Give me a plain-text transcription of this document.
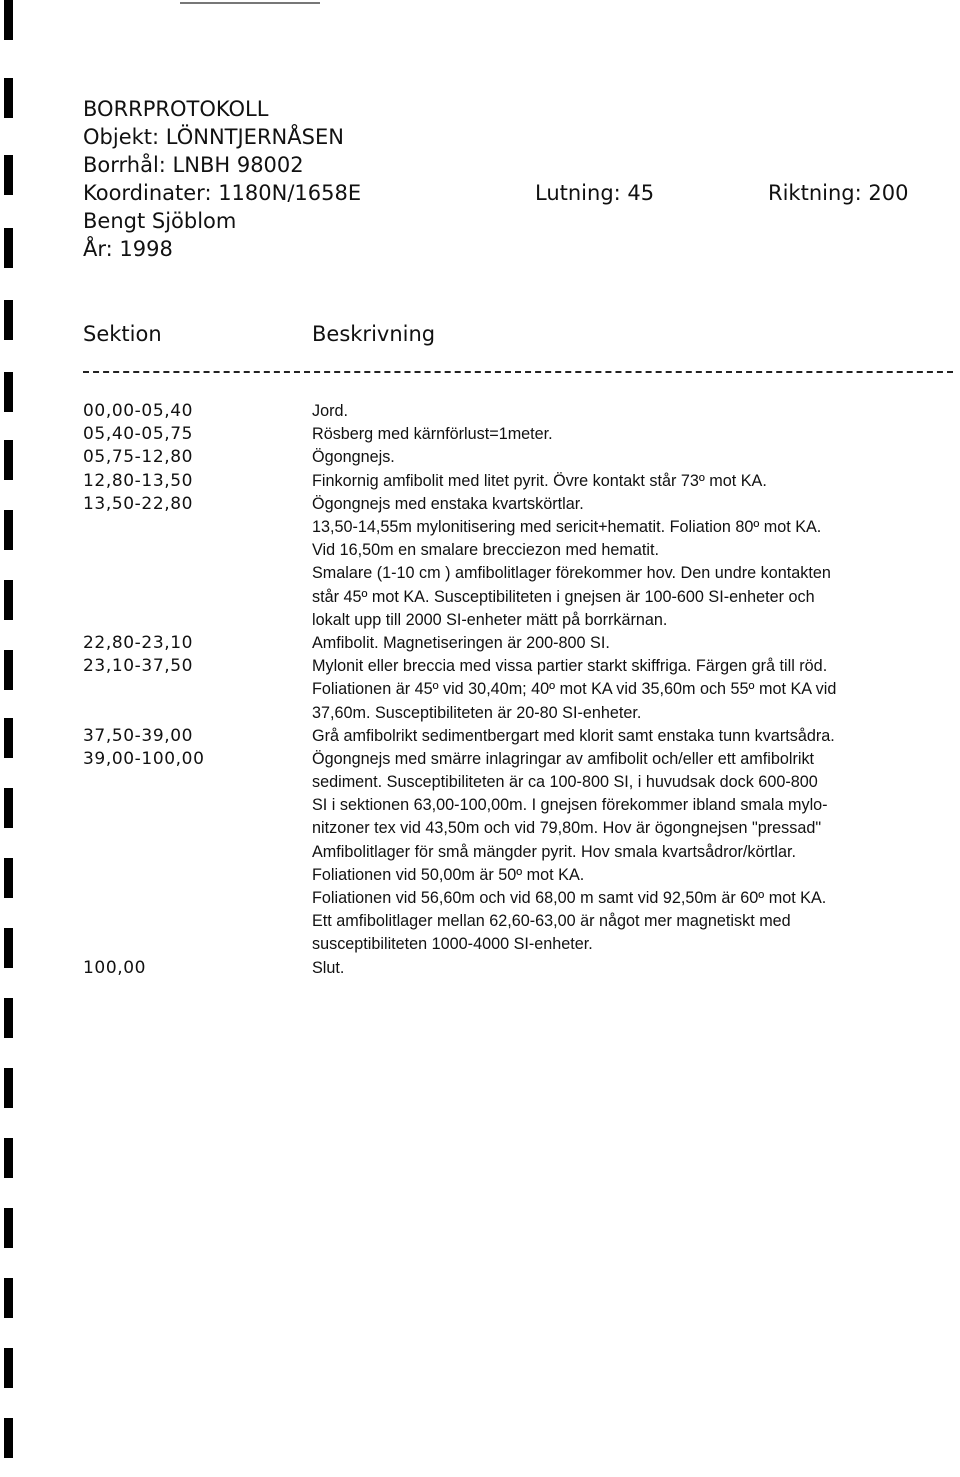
BORRPROTOKOLL
Objekt: LÖNNTJERNÅSEN
Borrhål: LNBH 98002
Koordinater: 1180N/1658E	Lutning: 45	Riktning: 200
Bengt Sjöblom
År: 1998
Sektion	Beskrivning
00,00-05,40	Jord.
05,40-05,75	Rösberg med kärnförlust=1meter.
05,75-12,80	Ögongnejs.
12,80-13,50	Finkornig amfibolit med litet pyrit. Övre kontakt står 73º mot KA.
13,50-22,80	Ögongnejs med enstaka kvartskörtlar.
13,50-14,55m mylonitisering med sericit+hematit. Foliation 80º mot KA.
Vid 16,50m en smalare brecciezon med hematit.
Smalare (1-10 cm ) amfibolitlager förekommer hov. Den undre kontakten
står 45º mot KA. Susceptibiliteten i gnejsen är 100-600 SI-enheter och
lokalt upp till 2000 SI-enheter mätt på borrkärnan.
22,80-23,10	Amfibolit. Magnetiseringen är 200-800 SI.
23,10-37,50	Mylonit eller breccia med vissa partier starkt skiffriga. Färgen grå till röd.
Foliationen är 45º vid 30,40m; 40º mot KA vid 35,60m och 55º mot KA vid
37,60m. Susceptibiliteten är 20-80 SI-enheter.
37,50-39,00	Grå amfibolrikt sedimentbergart med klorit samt enstaka tunn kvartsådra.
39,00-100,00	Ögongnejs med smärre inlagringar av amfibolit och/eller ett amfibolrikt
sediment. Susceptibiliteten är ca 100-800 SI, i huvudsak dock 600-800
SI i sektionen 63,00-100,00m. I gnejsen förekommer ibland smala mylo-
nitzoner tex vid 43,50m och vid 79,80m. Hov är ögongnejsen "pressad"
Amfibolitlager för små mängder pyrit. Hov smala kvartsådror/körtlar.
Foliationen vid 50,00m är 50º mot KA.
Foliationen vid 56,60m och vid 68,00 m samt vid 92,50m är 60º mot KA.
Ett amfibolitlager mellan 62,60-63,00 är något mer magnetiskt med
susceptibiliteten 1000-4000 SI-enheter.
100,00	Slut.
